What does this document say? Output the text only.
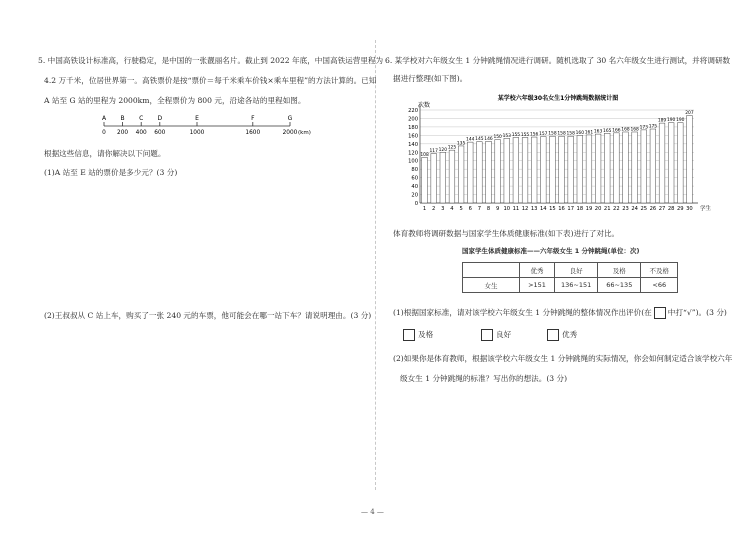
5. 中国高铁设计标准高，行驶稳定，是中国的一张靓丽名片。截止到 2022 年底，中国高铁运营里程为
4.2 万千米，位居世界第一。高铁票价是按“票价＝每千米乘车价钱×乘车里程”的方法计算的。已知
A 站至 G 站的里程为 2000km，全程票价为 800 元，沿途各站的里程如图。
A
0
B
200
C
400
D
600
E
1000
F
1600
G
2000 (km)
根据这些信息，请你解决以下问题。
(1)A 站至 E 站的票价是多少元？(3 分)
(2)王叔叔从 C 站上车，购买了一张 240 元的车票，他可能会在哪一站下车？请说明理由。(3 分)
6. 某学校对六年级女生 1 分钟跳绳情况进行调研。随机选取了 30 名六年级女生进行测试，并将调研数
据进行整理(如下图)。
某学校六年级30名女生1分钟跳绳数据统计图
次数
0
20
40
60
80
100
120
140
160
180
200
220
108
1
117
2
120
3
125
4
135
5
144
6
145
7
146
8
150
9
153
10
155
11
155
12
156
13
157
14
158
15
158
16
158
17
160
18
161
19
163
20
165
21
166
22
168
23
168
24
173
25
175
26
189
27
190
28
190
29
207
30 学生
体育教师将调研数据与国家学生体质健康标准(如下表)进行了对比。
国家学生体质健康标准——六年级女生 1 分钟跳绳(单位：次)
	优秀	良好	及格	不及格
女生	>151	136~151	66~135	<66
(1)根据国家标准，请对该学校六年级女生 1 分钟跳绳的整体情况作出评价(在 中打“√”)。(3 分)
及格	良好	优秀
(2)如果你是体育教师，根据该学校六年级女生 1 分钟跳绳的实际情况，你会如何制定适合该学校六年
级女生 1 分钟跳绳的标准？写出你的想法。(3 分)
— 4 —
